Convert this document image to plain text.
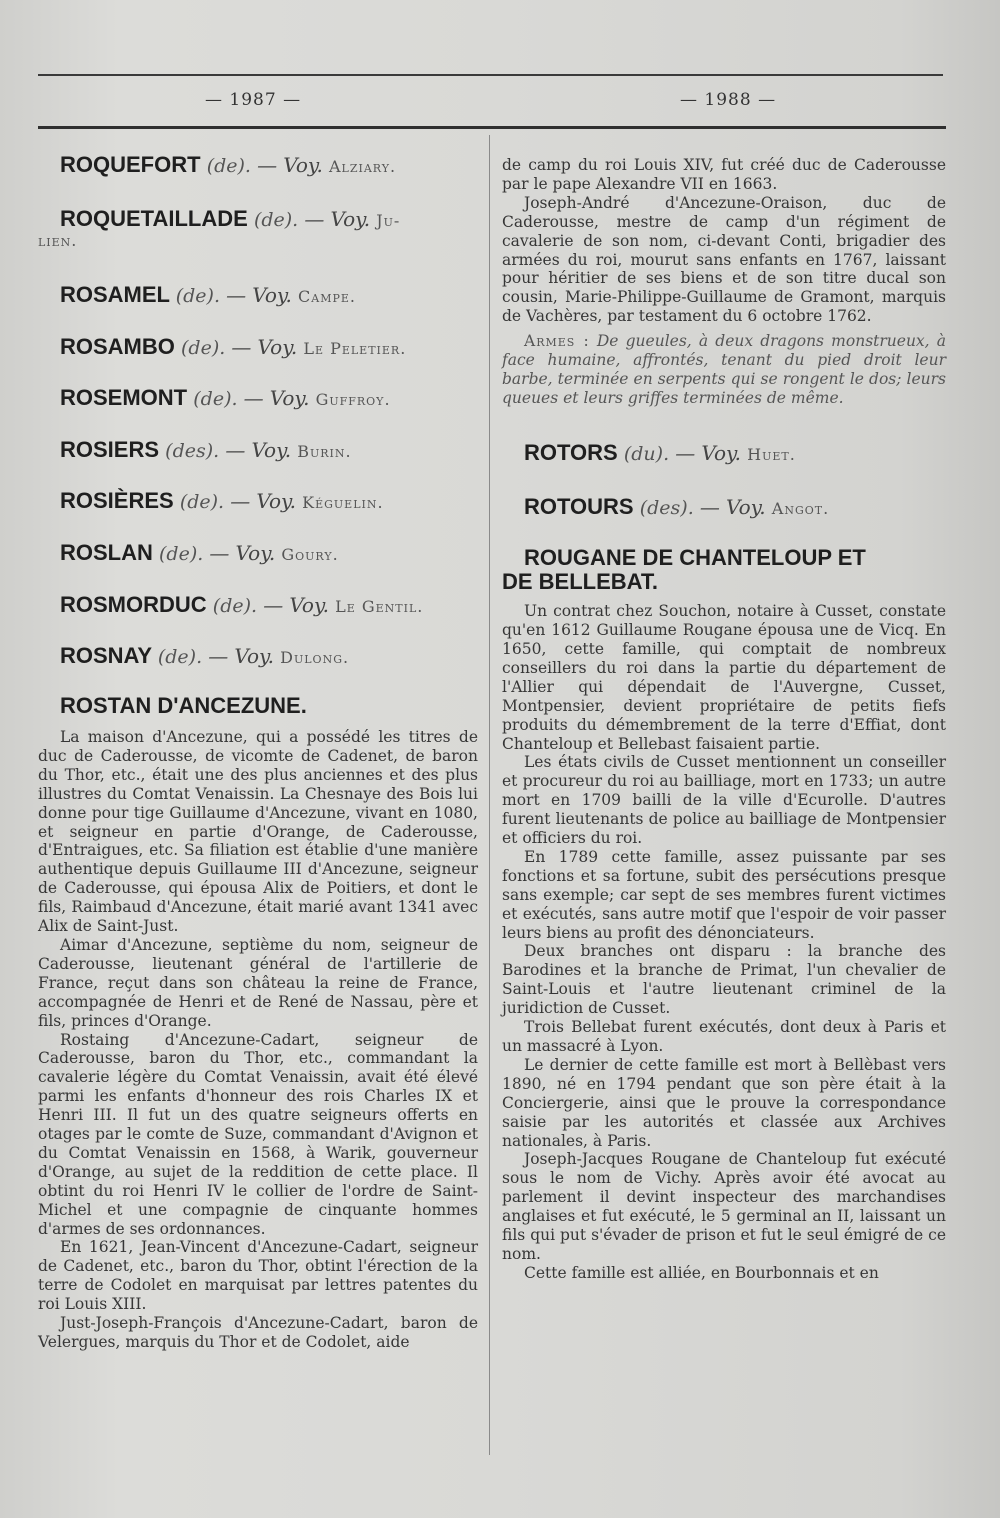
— 1987 —	— 1988 —

ROQUEFORT (de). — Voy. Alziary.

ROQUETAILLADE (de). — Voy. Ju-
lien.

ROSAMEL (de). — Voy. Campe.

ROSAMBO (de). — Voy. Le Peletier.

ROSEMONT (de). — Voy. Guffroy.

ROSIERS (des). — Voy. Burin.

ROSIÈRES (de). — Voy. Kéguelin.

ROSLAN (de). — Voy. Goury.

ROSMORDUC (de). — Voy. Le Gentil.

ROSNAY (de). — Voy. Dulong.

ROSTAN D'ANCEZUNE.

La maison d'Ancezune, qui a possédé les titres de duc de Caderousse, de vicomte de Cadenet, de baron du Thor, etc., était une des plus anciennes et des plus illustres du Comtat Venaissin. La Chesnaye des Bois lui donne pour tige Guillaume d'Ancezune, vivant en 1080, et seigneur en partie d'Orange, de Caderousse, d'Entraigues, etc. Sa filiation est établie d'une manière authentique depuis Guillaume III d'Ancezune, seigneur de Caderousse, qui épousa Alix de Poitiers, et dont le fils, Raimbaud d'Ancezune, était marié avant 1341 avec Alix de Saint-Just.

Aimar d'Ancezune, septième du nom, seigneur de Caderousse, lieutenant général de l'artillerie de France, reçut dans son château la reine de France, accompagnée de Henri et de René de Nassau, père et fils, princes d'Orange.

Rostaing d'Ancezune-Cadart, seigneur de Caderousse, baron du Thor, etc., commandant la cavalerie légère du Comtat Venaissin, avait été élevé parmi les enfants d'honneur des rois Charles IX et Henri III. Il fut un des quatre seigneurs offerts en otages par le comte de Suze, commandant d'Avignon et du Comtat Venaissin en 1568, à Warik, gouverneur d'Orange, au sujet de la reddition de cette place. Il obtint du roi Henri IV le collier de l'ordre de Saint-Michel et une compagnie de cinquante hommes d'armes de ses ordonnances.

En 1621, Jean-Vincent d'Ancezune-Cadart, seigneur de Cadenet, etc., baron du Thor, obtint l'érection de la terre de Codolet en marquisat par lettres patentes du roi Louis XIII.

Just-Joseph-François d'Ancezune-Cadart, baron de Velergues, marquis du Thor et de Codolet, aide

de camp du roi Louis XIV, fut créé duc de Caderousse par le pape Alexandre VII en 1663.

Joseph-André d'Ancezune-Oraison, duc de Caderousse, mestre de camp d'un régiment de cavalerie de son nom, ci-devant Conti, brigadier des armées du roi, mourut sans enfants en 1767, laissant pour héritier de ses biens et de son titre ducal son cousin, Marie-Philippe-Guillaume de Gramont, marquis de Vachères, par testament du 6 octobre 1762.

Armes : De gueules, à deux dragons monstrueux, à face humaine, affrontés, tenant du pied droit leur barbe, terminée en serpents qui se rongent le dos; leurs queues et leurs griffes terminées de même.

ROTORS (du). — Voy. Huet.

ROTOURS (des). — Voy. Angot.

ROUGANE DE CHANTELOUP ET

DE BELLEBAT.

Un contrat chez Souchon, notaire à Cusset, constate qu'en 1612 Guillaume Rougane épousa une de Vicq. En 1650, cette famille, qui comptait de nombreux conseillers du roi dans la partie du département de l'Allier qui dépendait de l'Auvergne, Cusset, Montpensier, devient propriétaire de petits fiefs produits du démembrement de la terre d'Effiat, dont Chanteloup et Bellebast faisaient partie.

Les états civils de Cusset mentionnent un conseiller et procureur du roi au bailliage, mort en 1733; un autre mort en 1709 bailli de la ville d'Ecurolle. D'autres furent lieutenants de police au bailliage de Montpensier et officiers du roi.

En 1789 cette famille, assez puissante par ses fonctions et sa fortune, subit des persécutions presque sans exemple; car sept de ses membres furent victimes et exécutés, sans autre motif que l'espoir de voir passer leurs biens au profit des dénonciateurs.

Deux branches ont disparu : la branche des Barodines et la branche de Primat, l'un chevalier de Saint-Louis et l'autre lieutenant criminel de la juridiction de Cusset.

Trois Bellebat furent exécutés, dont deux à Paris et un massacré à Lyon.

Le dernier de cette famille est mort à Bellèbast vers 1890, né en 1794 pendant que son père était à la Conciergerie, ainsi que le prouve la correspondance saisie par les autorités et classée aux Archives nationales, à Paris.

Joseph-Jacques Rougane de Chanteloup fut exécuté sous le nom de Vichy. Après avoir été avocat au parlement il devint inspecteur des marchandises anglaises et fut exécuté, le 5 germinal an II, laissant un fils qui put s'évader de prison et fut le seul émigré de ce nom.

Cette famille est alliée, en Bourbonnais et en
